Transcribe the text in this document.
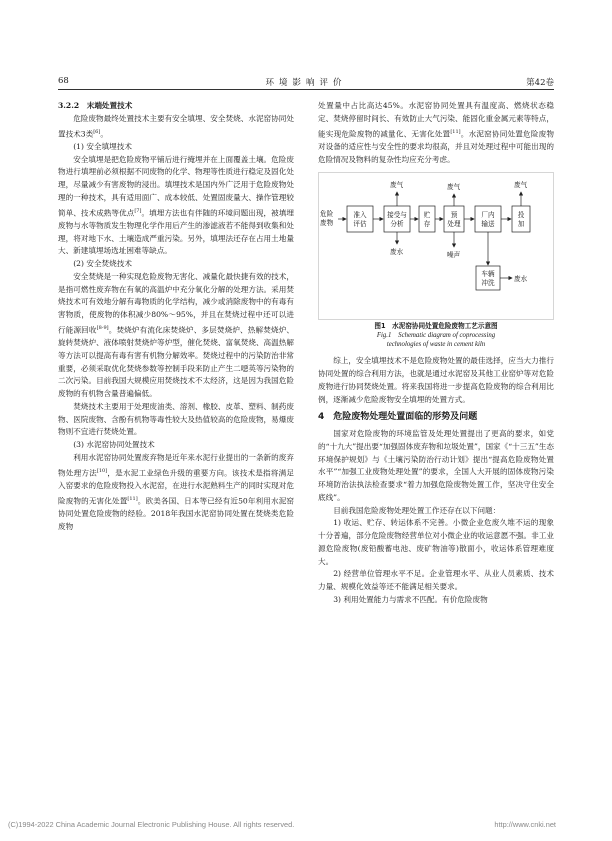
68	环境影响评价	第42卷

3.2.2　末端处置技术

危险废物最终处置技术主要有安全填埋、安全焚烧、水泥窑协同处置技术3类[6]。

(1) 安全填埋技术

安全填埋是把危险废物平铺后进行掩埋并在上面覆盖土壤。危险废物进行填埋前必须根据不同废物的化学、物理等性质进行稳定及固化处理，尽量减少有害废物的浸出。填埋技术是国内外广泛用于危险废物处理的一种技术，具有适用面广、成本较低、处置固废量大、操作管理较简单、技术成熟等优点[7]。填埋方法也有伴随的环境问题出现，被填埋废物与水等物质发生物理化学作用后产生的渗滤液若不能得到收集和处理，将对地下水、土壤造成严重污染。另外，填埋法还存在占用土地量大、新建填埋场选址困难等缺点。

(2) 安全焚烧技术

安全焚烧是一种实现危险废物无害化、减量化最快捷有效的技术，是指可燃性废弃物在有氧的高温炉中充分氧化分解的处理方法。采用焚烧技术可有效地分解有毒物质的化学结构，减少或消除废物中的有毒有害物质，使废物的体积减少80%～95%，并且在焚烧过程中还可以进行能源回收[8-9]。焚烧炉有流化床焚烧炉、多层焚烧炉、热解焚烧炉、旋转焚烧炉、液体喷射焚烧炉等炉型，催化焚烧、富氧焚烧、高温热解等方法可以提高有毒有害有机物分解效率。焚烧过程中的污染防治非常重要，必须采取优化焚烧参数等控制手段来防止产生二噁英等污染物的二次污染。目前我国大规模应用焚烧技术不太经济，这是因为我国危险废物的有机物含量普遍偏低。

焚烧技术主要用于处理废油类、溶剂、橡胶、皮革、塑料、制药废物、医院废物、含酚有机物等毒性较大及热值较高的危险废物，易爆废物则不宜进行焚烧处置。

(3) 水泥窑协同处置技术

利用水泥窑协同处置废弃物是近年来水泥行业提出的一条新的废弃物处理方法[10]，是水泥工业绿色升级的重要方向。该技术是指将满足入窑要求的危险废物投入水泥窑，在进行水泥熟料生产的同时实现对危险废物的无害化处置[11]。欧美各国、日本等已经有近50年利用水泥窑协同处置危险废物的经验。2018年我国水泥窑协同处置在焚烧类危险废物

处置量中占比高达45%。水泥窑协同处置具有温度高、燃烧状态稳定、焚烧停留时间长、有效防止大气污染、能固化重金属元素等特点，能实现危险废物的减量化、无害化处置[11]。水泥窑协同处置危险废物对设备的适应性与安全性的要求均很高，并且对处理过程中可能出现的危险情况及物料的复杂性均应充分考虑。

危险
废物
准入
评估
接受与
分析
贮
存
预
处理
厂内
输送
投
加
废气	废气	废气
废水	噪声
车辆
冲洗	废水
图1　水泥窑协同处置危险废物工艺示意图
Fig.1　Schematic diagram of coprocessing
technologies of waste in cement kiln

综上，安全填埋技术不是危险废物处置的最佳选择，应当大力推行协同处置的综合利用方法，也就是通过水泥窑及其他工业窑炉等对危险废物进行协同焚烧处置。将来我国将进一步提高危险废物的综合利用比例，逐渐减少危险废物安全填埋的处置方式。

4　危险废物处理处置面临的形势及问题

国家对危险废物的环境监管及处理处置提出了更高的要求，如党的“十九大”提出要“加强固体废弃物和垃圾处置”，国家《“十三五”生态环境保护规划》与《土壤污染防治行动计划》提出“提高危险废物处置水平”“加强工业废物处理处置”的要求，全国人大开展的固体废物污染环境防治法执法检查要求“着力加强危险废物处置工作，坚决守住安全底线”。

目前我国危险废物处理处置工作还存在以下问题：

1) 收运、贮存、转运体系不完善。小微企业危废久堆不运的现象十分普遍，部分危险废物经营单位对小微企业的收运意愿不强。非工业源危险废物(废铅酸蓄电池、废矿物油等)散面小，收运体系管理难度大。

2) 经营单位管理水平不足。企业管理水平、从业人员素质、技术力量、规模化效益等还不能满足相关要求。

3) 利用处置能力与需求不匹配。有价危险废物

(C)1994-2022 China Academic Journal Electronic Publishing House. All rights reserved.	http://www.cnki.net
